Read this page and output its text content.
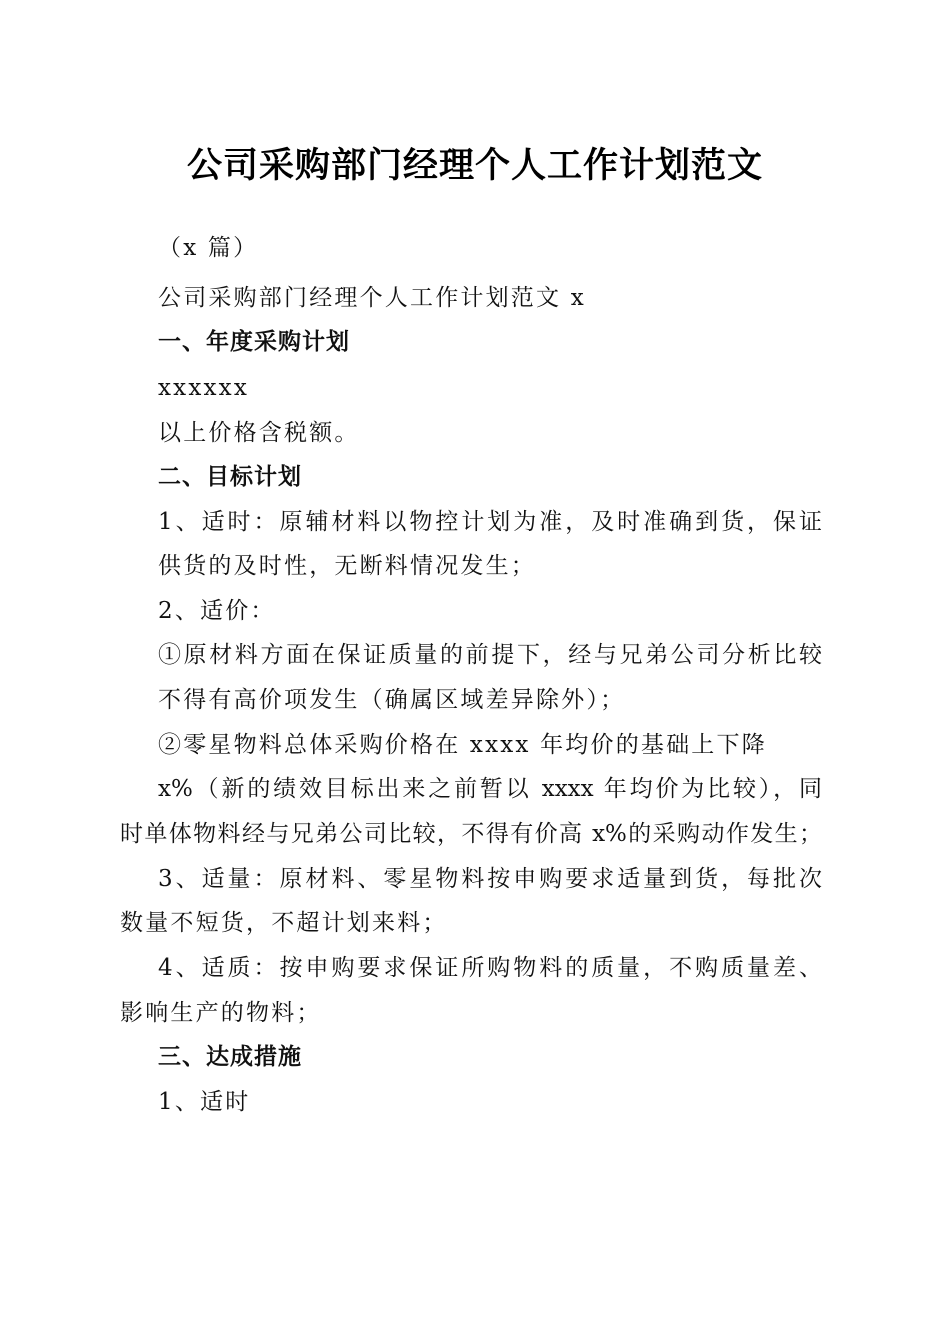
公司采购部门经理个人工作计划范文

（x 篇）

公司采购部门经理个人工作计划范文 x

一、年度采购计划

xxxxxx

以上价格含税额。

二、目标计划

1、适时：原辅材料以物控计划为准，及时准确到货，保证

供货的及时性，无断料情况发生；

2、适价：

①原材料方面在保证质量的前提下，经与兄弟公司分析比较

不得有高价项发生（确属区域差异除外）；

②零星物料总体采购价格在 xxxx 年均价的基础上下降

x%（新的绩效目标出来之前暂以 xxxx 年均价为比较），同

时单体物料经与兄弟公司比较，不得有价高 x%的采购动作发生；

3、适量：原材料、零星物料按申购要求适量到货，每批次

数量不短货，不超计划来料；

4、适质：按申购要求保证所购物料的质量，不购质量差、

影响生产的物料；

三、达成措施

1、适时
